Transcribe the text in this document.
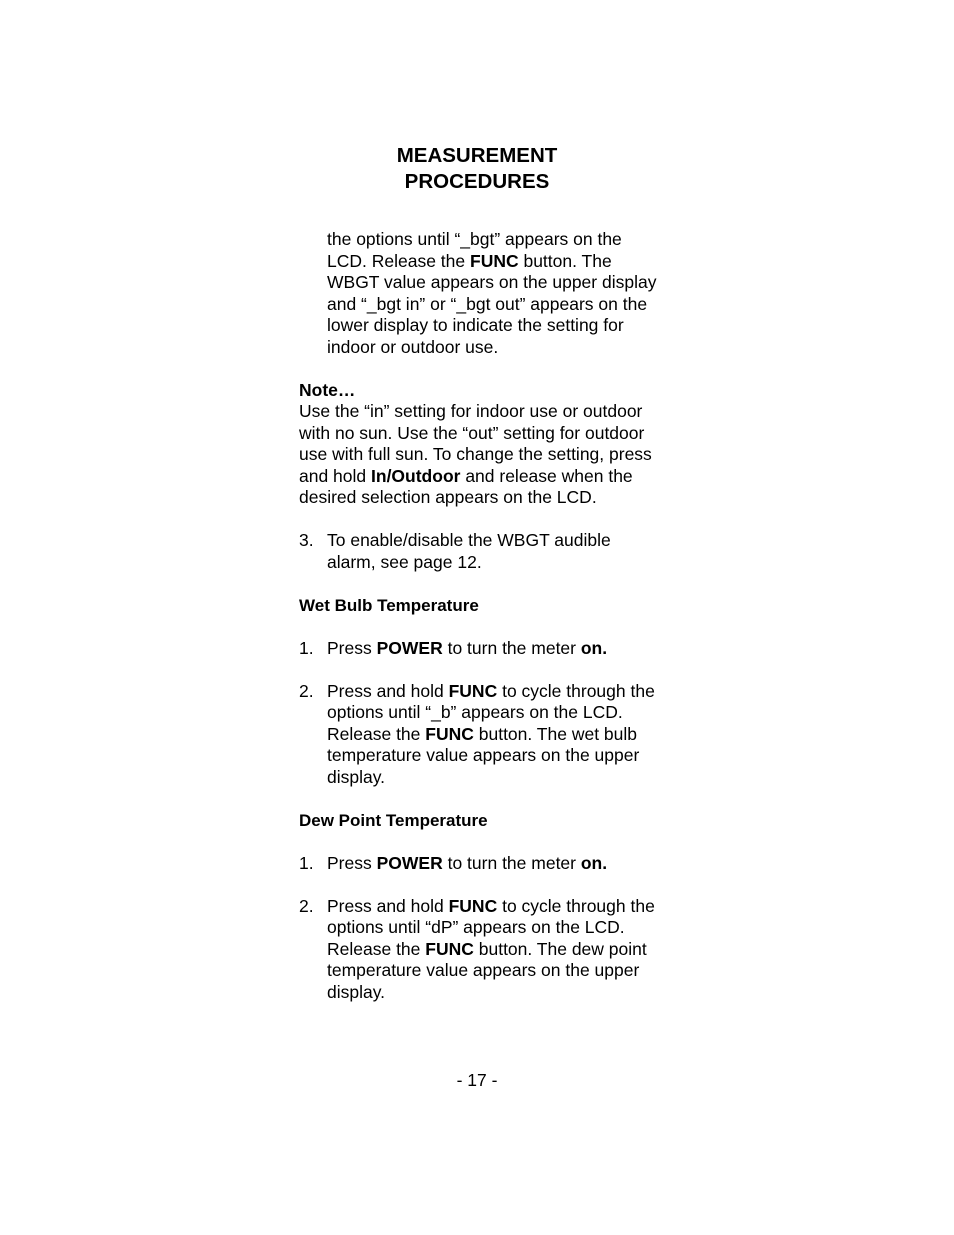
MEASUREMENT
PROCEDURES

the options until “_bgt” appears on the LCD. Release the FUNC button. The WBGT value appears on the upper display and “_bgt in” or “_bgt out” appears on the lower display to indicate the setting for indoor or outdoor use.

Note…
Use the “in” setting for indoor use or outdoor with no sun. Use the “out” setting for outdoor use with full sun. To change the setting, press and hold In/Outdoor and release when the desired selection appears on the LCD.

3. To enable/disable the WBGT audible alarm, see page 12.
Wet Bulb Temperature
1. Press POWER to turn the meter on.
2. Press and hold FUNC to cycle through the options until “_b” appears on the LCD. Release the FUNC button. The wet bulb temperature value appears on the upper display.
Dew Point Temperature
1. Press POWER to turn the meter on.
2. Press and hold FUNC to cycle through the options until “dP” appears on the LCD. Release the FUNC button. The dew point temperature value appears on the upper display.
- 17 -
